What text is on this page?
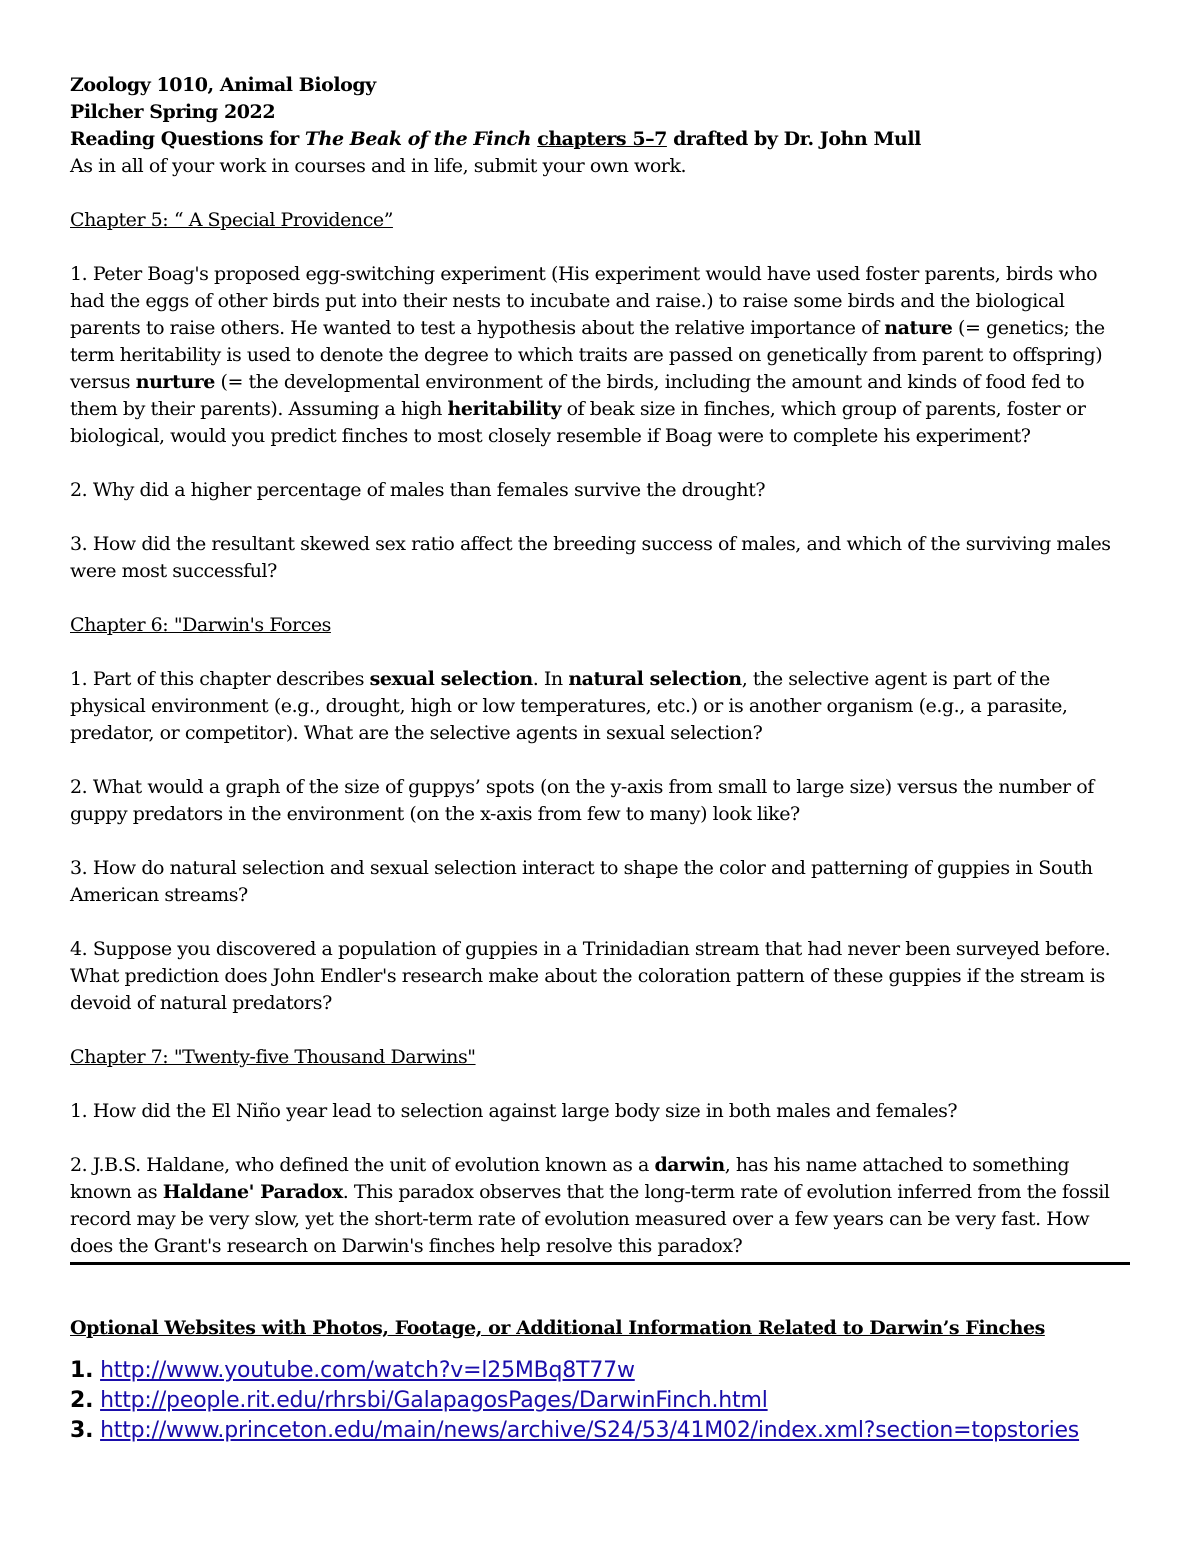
Zoology 1010, Animal Biology

Pilcher Spring 2022

Reading Questions for The Beak of the Finch chapters 5–7 drafted by Dr. John Mull

As in all of your work in courses and in life, submit your own work.

Chapter 5: “ A Special Providence”

1. Peter Boag's proposed egg-switching experiment (His experiment would have used foster parents, birds who had the eggs of other birds put into their nests to incubate and raise.) to raise some birds and the biological parents to raise others. He wanted to test a hypothesis about the relative importance of nature (= genetics; the term heritability is used to denote the degree to which traits are passed on genetically from parent to offspring) versus nurture (= the developmental environment of the birds, including the amount and kinds of food fed to them by their parents). Assuming a high heritability of beak size in finches, which group of parents, foster or biological, would you predict finches to most closely resemble if Boag were to complete his experiment?

2. Why did a higher percentage of males than females survive the drought?

3. How did the resultant skewed sex ratio affect the breeding success of males, and which of the surviving males were most successful?

Chapter 6: "Darwin's Forces

1. Part of this chapter describes sexual selection. In natural selection, the selective agent is part of the physical environment (e.g., drought, high or low temperatures, etc.) or is another organism (e.g., a parasite, predator, or competitor). What are the selective agents in sexual selection?

2. What would a graph of the size of guppys’ spots (on the y-axis from small to large size) versus the number of guppy predators in the environment (on the x-axis from few to many) look like?

3. How do natural selection and sexual selection interact to shape the color and patterning of guppies in South American streams?

4. Suppose you discovered a population of guppies in a Trinidadian stream that had never been surveyed before. What prediction does John Endler's research make about the coloration pattern of these guppies if the stream is devoid of natural predators?

Chapter 7: "Twenty-five Thousand Darwins"

1. How did the El Niño year lead to selection against large body size in both males and females?

2. J.B.S. Haldane, who defined the unit of evolution known as a darwin, has his name attached to something known as Haldane' Paradox. This paradox observes that the long-term rate of evolution inferred from the fossil record may be very slow, yet the short-term rate of evolution measured over a few years can be very fast. How does the Grant's research on Darwin's finches help resolve this paradox?

Optional Websites with Photos, Footage, or Additional Information Related to Darwin’s Finches

1. http://www.youtube.com/watch?v=l25MBq8T77w

2. http://people.rit.edu/rhrsbi/GalapagosPages/DarwinFinch.html

3. http://www.princeton.edu/main/news/archive/S24/53/41M02/index.xml?section=topstories
